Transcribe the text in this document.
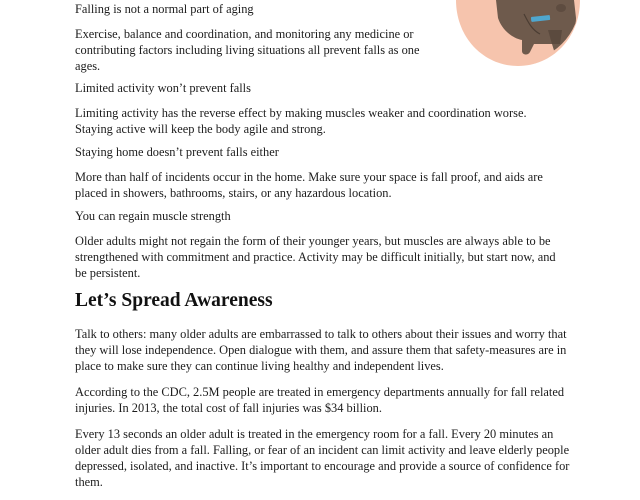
Falling is not a normal part of aging

Exercise, balance and coordination, and monitoring any medicine or contributing factors including living situations all prevent falls as one ages.

Limited activity won’t prevent falls

Limiting activity has the reverse effect by making muscles weaker and coordination worse. Staying active will keep the body agile and strong.

Staying home doesn’t prevent falls either

More than half of incidents occur in the home. Make sure your space is fall proof, and aids are placed in showers, bathrooms, stairs, or any hazardous location.

You can regain muscle strength

Older adults might not regain the form of their younger years, but muscles are always able to be strengthened with commitment and practice. Activity may be difficult initially, but start now, and be persistent.

Let’s Spread Awareness

Talk to others: many older adults are embarrassed to talk to others about their issues and worry that they will lose independence. Open dialogue with them, and assure them that safety-measures are in place to make sure they can continue living healthy and independent lives.

According to the CDC, 2.5M people are treated in emergency departments annually for fall related injuries. In 2013, the total cost of fall injuries was $34 billion.

Every 13 seconds an older adult is treated in the emergency room for a fall. Every 20 minutes an older adult dies from a fall. Falling, or fear of an incident can limit activity and leave elderly people depressed, isolated, and inactive. It’s important to encourage and provide a source of confidence for them.
